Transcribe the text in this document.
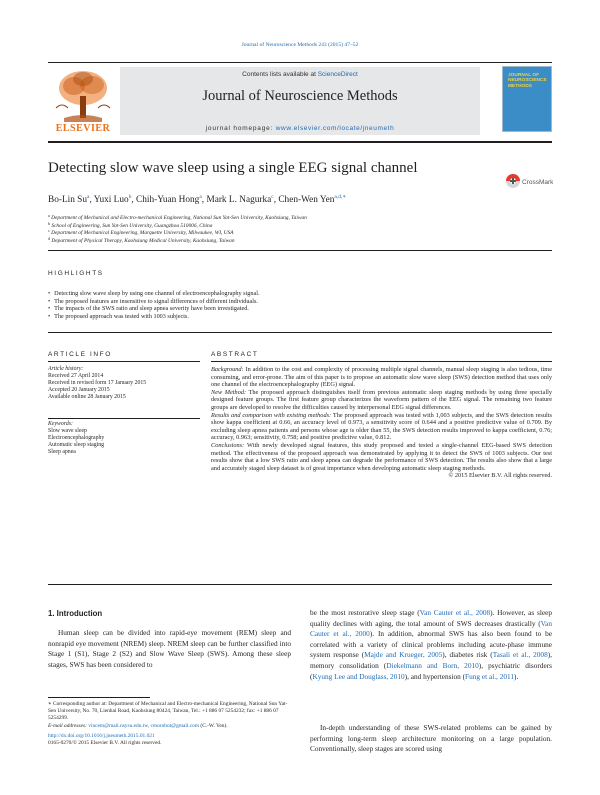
Journal of Neuroscience Methods 243 (2015) 47–52
ELSEVIER
Contents lists available at ScienceDirect
Journal of Neuroscience Methods
journal homepage: www.elsevier.com/locate/jneumeth
JOURNAL OF NEUROSCIENCE METHODS
Detecting slow wave sleep using a single EEG signal channel
CrossMark
Bo-Lin Su$^a$, Yuxi Luo$^b$, Chih-Yuan Hong$^a$, Mark L. Nagurka$^c$, Chen-Wen Yen$^{a,d,∗}$
$^a$ Department of Mechanical and Electro-mechanical Engineering, National Sun Yat-Sen University, Kaohsiung, Taiwan
$^b$ School of Engineering, Sun Yat-Sen University, Guangzhou 510006, China
$^c$ Department of Mechanical Engineering, Marquette University, Milwaukee, WI, USA
$^d$ Department of Physical Therapy, Kaohsiung Medical University, Kaohsiung, Taiwan
HIGHLIGHTS
• Detecting slow wave sleep by using one channel of electroencephalography signal.
• The proposed features are insensitive to signal differences of different individuals.
• The impacts of the SWS ratio and sleep apnea severity have been investigated.
• The proposed approach was tested with 1003 subjects.
ARTICLE INFO
Article history:
Received 27 April 2014
Received in revised form 17 January 2015
Accepted 20 January 2015
Available online 28 January 2015
Keywords:
Slow wave sleep
Electroencephalography
Automatic sleep staging
Sleep apnea
ABSTRACT

Background: In addition to the cost and complexity of processing multiple signal channels, manual sleep staging is also tedious, time consuming, and error-prone. The aim of this paper is to propose an automatic slow wave sleep (SWS) detection method that uses only one channel of the electroencephalography (EEG) signal.

New Method: The proposed approach distinguishes itself from previous automatic sleep staging methods by using three specially designed feature groups. The first feature group characterizes the waveform pattern of the EEG signal. The remaining two feature groups are developed to resolve the difficulties caused by interpersonal EEG signal differences.

Results and comparison with existing methods: The proposed approach was tested with 1,003 subjects, and the SWS detection results show kappa coefficient at 0.66, an accuracy level of 0.973, a sensitivity score of 0.644 and a positive predictive value of 0.709. By excluding sleep apnea patients and persons whose age is older than 55, the SWS detection results improved to kappa coefficient, 0.76; accuracy, 0.963; sensitivity, 0.758; and positive predictive value, 0.812.

Conclusions: With newly developed signal features, this study proposed and tested a single-channel EEG-based SWS detection method. The effectiveness of the proposed approach was demonstrated by applying it to detect the SWS of 1003 subjects. Our test results show that a low SWS ratio and sleep apnea can degrade the performance of SWS detection. The results also show that a large and accurately staged sleep dataset is of great importance when developing automatic sleep staging methods.

© 2015 Elsevier B.V. All rights reserved.

1. Introduction
Human sleep can be divided into rapid-eye movement (REM) sleep and nonrapid eye movement (NREM) sleep. NREM sleep can be further classified into Stage 1 (S1), Stage 2 (S2) and Slow Wave Sleep (SWS). Among these sleep stages, SWS has been considered to
be the most restorative sleep stage (Van Cauter et al., 2008). However, as sleep quality declines with aging, the total amount of SWS decreases drastically (Van Cauter et al., 2000). In addition, abnormal SWS has also been found to be correlated with a variety of clinical problems including acute-phase immune system response (Majde and Krueger, 2005), diabetes risk (Tasali et al., 2008), memory consolidation (Diekelmann and Born, 2010), psychiatric disorders (Kyung Lee and Douglass, 2010), and hypertension (Fung et al., 2011).
In-depth understanding of these SWS-related problems can be gained by performing long-term sleep architecture monitoring on a large population. Conventionally, sleep stages are scored using
∗ Corresponding author at: Department of Mechanical and Electro-mechanical Engineering, National Sun Yat-Sen University, No. 70, Lienhai Road, Kaohsiung 80424, Taiwan, Tel.: +1 886 07 5254232; fax: +1 886 07 5254299.
E-mail addresses: vincem@mail.nsysu.edu.tw, cmorobot@gmail.com (C.-W. Yen).
http://dx.doi.org/10.1016/j.jneumeth.2015.01.021
0165-0270/© 2015 Elsevier B.V. All rights reserved.
